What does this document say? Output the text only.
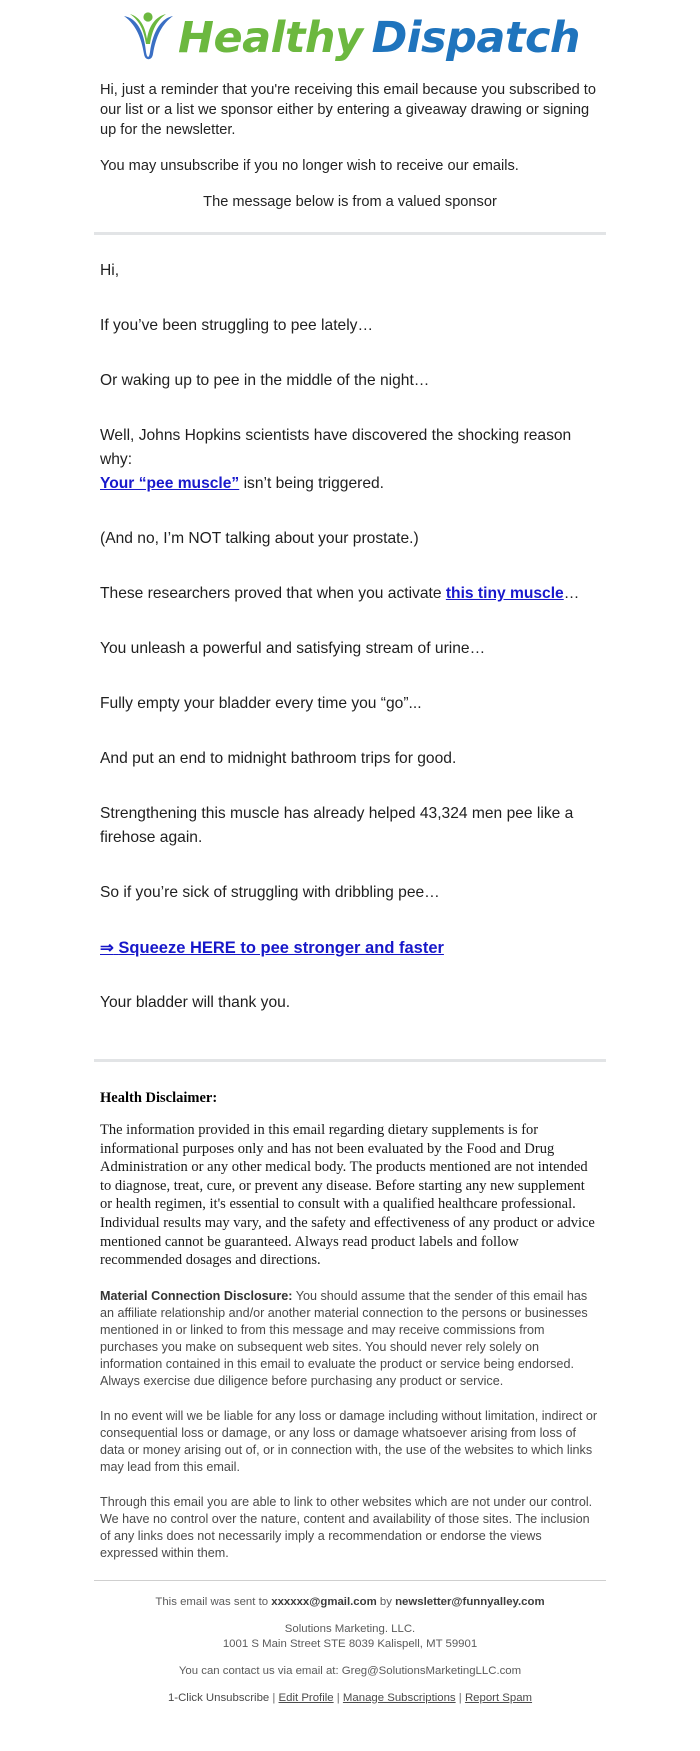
Healthy Dispatch

Hi, just a reminder that you're receiving this email because you subscribed to our list or a list we sponsor either by entering a giveaway drawing or signing up for the newsletter.

You may unsubscribe if you no longer wish to receive our emails.

The message below is from a valued sponsor

Hi,

If you’ve been struggling to pee lately…

Or waking up to pee in the middle of the night…

Well, Johns Hopkins scientists have discovered the shocking reason why:
Your “pee muscle” isn’t being triggered.

(And no, I’m NOT talking about your prostate.)

These researchers proved that when you activate this tiny muscle…

You unleash a powerful and satisfying stream of urine…

Fully empty your bladder every time you “go”...

And put an end to midnight bathroom trips for good.

Strengthening this muscle has already helped 43,324 men pee like a firehose again.

So if you’re sick of struggling with dribbling pee…

⇒ Squeeze HERE to pee stronger and faster

Your bladder will thank you.

Health Disclaimer:

The information provided in this email regarding dietary supplements is for informational purposes only and has not been evaluated by the Food and Drug Administration or any other medical body. The products mentioned are not intended to diagnose, treat, cure, or prevent any disease. Before starting any new supplement or health regimen, it's essential to consult with a qualified healthcare professional. Individual results may vary, and the safety and effectiveness of any product or advice mentioned cannot be guaranteed. Always read product labels and follow recommended dosages and directions.

Material Connection Disclosure: You should assume that the sender of this email has an affiliate relationship and/or another material connection to the persons or businesses mentioned in or linked to from this message and may receive commissions from purchases you make on subsequent web sites. You should never rely solely on information contained in this email to evaluate the product or service being endorsed. Always exercise due diligence before purchasing any product or service.

In no event will we be liable for any loss or damage including without limitation, indirect or consequential loss or damage, or any loss or damage whatsoever arising from loss of data or money arising out of, or in connection with, the use of the websites to which links may lead from this email.

Through this email you are able to link to other websites which are not under our control. We have no control over the nature, content and availability of those sites. The inclusion of any links does not necessarily imply a recommendation or endorse the views expressed within them.

This email was sent to xxxxxx@gmail.com by newsletter@funnyalley.com

Solutions Marketing. LLC.
1001 S Main Street STE 8039 Kalispell, MT 59901

You can contact us via email at: Greg@SolutionsMarketingLLC.com

1-Click Unsubscribe | Edit Profile | Manage Subscriptions | Report Spam
